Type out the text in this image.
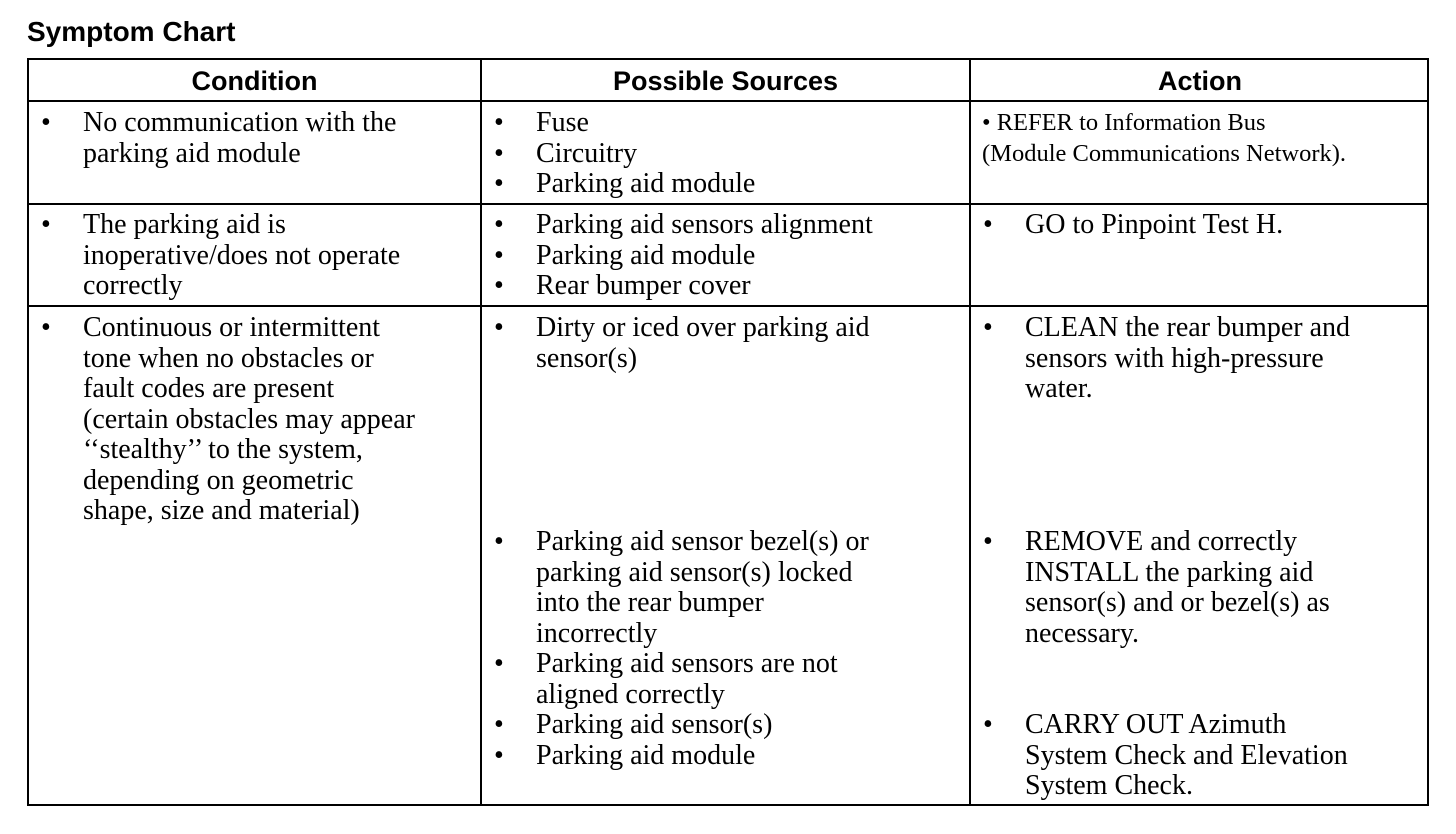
Symptom Chart
Condition	Possible Sources	Action
• No communication with the
parking aid module
• Fuse
• Circuitry
• Parking aid module
• REFER to Information Bus
(Module Communications Network).
• The parking aid is
inoperative/does not operate
correctly
• Parking aid sensors alignment
• Parking aid module
• Rear bumper cover
• GO to Pinpoint Test H.
• Continuous or intermittent
tone when no obstacles or
fault codes are present
(certain obstacles may appear
‘‘stealthy’’ to the system,
depending on geometric
shape, size and material)
• Dirty or iced over parking aid
sensor(s)
• CLEAN the rear bumper and
sensors with high-pressure
water.
• Parking aid sensor bezel(s) or
parking aid sensor(s) locked
into the rear bumper
incorrectly
• Parking aid sensors are not
aligned correctly
• REMOVE and correctly
INSTALL the parking aid
sensor(s) and or bezel(s) as
necessary.
• Parking aid sensor(s)
• Parking aid module
• CARRY OUT Azimuth
System Check and Elevation
System Check.
